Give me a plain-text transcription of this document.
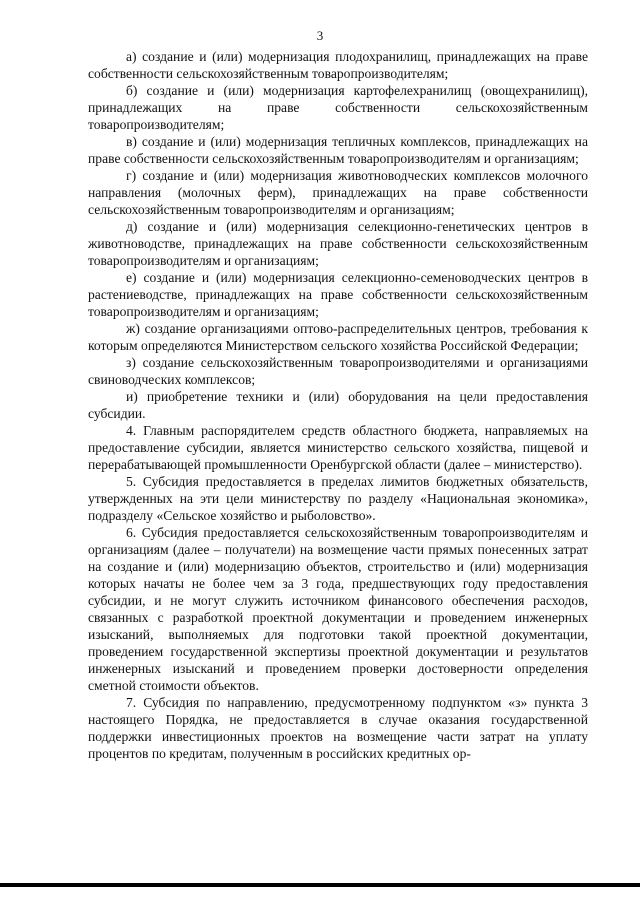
3

а) создание и (или) модернизация плодохранилищ, принадлежащих на праве собственности сельскохозяйственным товаропроизводителям;

б) создание и (или) модернизация картофелехранилищ (овощехранилищ), принадлежащих на праве собственности сельскохозяйственным товаропроизводителям;

в) создание и (или) модернизация тепличных комплексов, принадлежащих на праве собственности сельскохозяйственным товаропроизводителям и организациям;

г) создание и (или) модернизация животноводческих комплексов молочного направления (молочных ферм), принадлежащих на праве собственности сельскохозяйственным товаропроизводителям и организациям;

д) создание и (или) модернизация селекционно-генетических центров в животноводстве, принадлежащих на праве собственности сельскохозяйственным товаропроизводителям и организациям;

е) создание и (или) модернизация селекционно-семеноводческих центров в растениеводстве, принадлежащих на праве собственности сельскохозяйственным товаропроизводителям и организациям;

ж) создание организациями оптово-распределительных центров, требования к которым определяются Министерством сельского хозяйства Российской Федерации;

з) создание сельскохозяйственным товаропроизводителями и организациями свиноводческих комплексов;

и) приобретение техники и (или) оборудования на цели предоставления субсидии.

4. Главным распорядителем средств областного бюджета, направляемых на предоставление субсидии, является министерство сельского хозяйства, пищевой и перерабатывающей промышленности Оренбургской области (далее – министерство).

5. Субсидия предоставляется в пределах лимитов бюджетных обязательств, утвержденных на эти цели министерству по разделу «Национальная экономика», подразделу «Сельское хозяйство и рыболовство».

6. Субсидия предоставляется сельскохозяйственным товаропроизводителям и организациям (далее – получатели) на возмещение части прямых понесенных затрат на создание и (или) модернизацию объектов, строительство и (или) модернизация которых начаты не более чем за 3 года, предшествующих году предоставления субсидии, и не могут служить источником финансового обеспечения расходов, связанных с разработкой проектной документации и проведением инженерных изысканий, выполняемых для подготовки такой проектной документации, проведением государственной экспертизы проектной документации и результатов инженерных изысканий и проведением проверки достоверности определения сметной стоимости объектов.

7. Субсидия по направлению, предусмотренному подпунктом «з» пункта 3 настоящего Порядка, не предоставляется в случае оказания государственной поддержки инвестиционных проектов на возмещение части затрат на уплату процентов по кредитам, полученным в российских кредитных ор-
